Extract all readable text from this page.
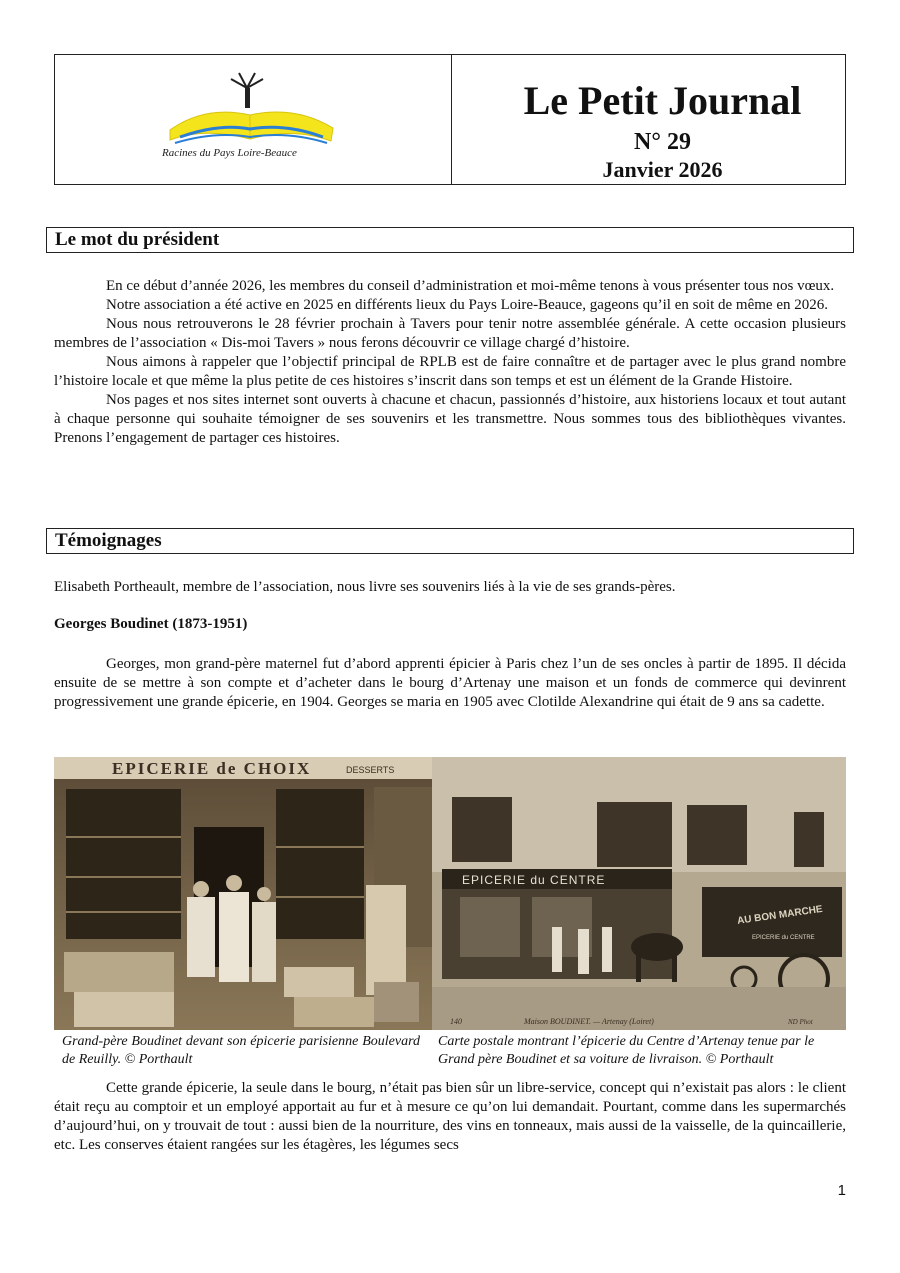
Racines du Pays Loire-Beauce
Le Petit Journal
N° 29
Janvier 2026
Le mot du président

En ce début d’année 2026, les membres du conseil d’administration et moi-même tenons à vous présenter tous nos vœux.

Notre association a été active en 2025 en différents lieux du Pays Loire-Beauce, gageons qu’il en soit de même en 2026.

Nous nous retrouverons le 28 février prochain à Tavers pour tenir notre assemblée générale. A cette occasion plusieurs membres de l’association « Dis-moi Tavers » nous ferons découvrir ce village chargé d’histoire.

Nous aimons à rappeler que l’objectif principal de RPLB est de faire connaître et de partager avec le plus grand nombre l’histoire locale et que même la plus petite de ces histoires s’inscrit dans son temps et est un élément de la Grande Histoire.

Nos pages et nos sites internet sont ouverts à chacune et chacun, passionnés d’histoire, aux historiens locaux et tout autant à chaque personne qui souhaite témoigner de ses souvenirs et les transmettre. Nous sommes tous des bibliothèques vivantes. Prenons l’engagement de partager ces histoires.

Témoignages

Elisabeth Portheault, membre de l’association, nous livre ses souvenirs liés à la vie de ses grands-pères.

Georges Boudinet (1873-1951)

Georges, mon grand-père maternel fut d’abord apprenti épicier à Paris chez l’un de ses oncles à partir de 1895. Il décida ensuite de se mettre à son compte et d’acheter dans le bourg d’Artenay une maison et un fonds de commerce qui devinrent progressivement une grande épicerie, en 1904. Georges se maria en 1905 avec Clotilde Alexandrine qui était de 9 ans sa cadette.

EPICERIE de CHOIX	DESSERTS
EPICERIE du CENTRE
AU BON MARCHE
EPICERIE du CENTRE
140	Maison BOUDINET. — Artenay (Loiret)	ND Phot
Grand-père Boudinet devant son épicerie parisienne Boulevard de Reuilly. © Porthault
Carte postale montrant l’épicerie du Centre d’Artenay tenue par le Grand père Boudinet et sa voiture de livraison. © Porthault

Cette grande épicerie, la seule dans le bourg, n’était pas bien sûr un libre-service, concept qui n’existait pas alors : le client était reçu au comptoir et un employé apportait au fur et à mesure ce qu’on lui demandait. Pourtant, comme dans les supermarchés d’aujourd’hui, on y trouvait de tout : aussi bien de la nourriture, des vins en tonneaux, mais aussi de la vaisselle, de la quincaillerie, etc. Les conserves étaient rangées sur les étagères, les légumes secs

1
